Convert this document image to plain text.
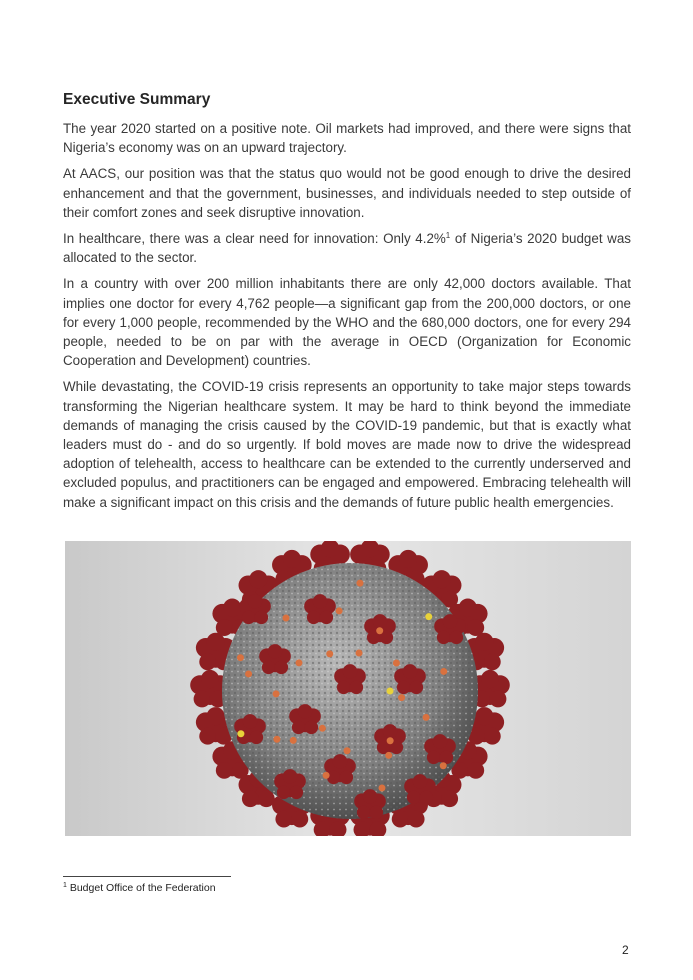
Executive Summary

The year 2020 started on a positive note. Oil markets had improved, and there were signs that Nigeria’s economy was on an upward trajectory.

At AACS, our position was that the status quo would not be good enough to drive the desired enhancement and that the government, businesses, and individuals needed to step outside of their comfort zones and seek disruptive innovation.

In healthcare, there was a clear need for innovation: Only 4.2%$^1$ of Nigeria’s 2020 budget was allocated to the sector.

In a country with over 200 million inhabitants there are only 42,000 doctors available. That implies one doctor for every 4,762 people—a significant gap from the 200,000 doctors, or one for every 1,000 people, recommended by the WHO and the 680,000 doctors, one for every 294 people, needed to be on par with the average in OECD (Organization for Economic Cooperation and Development) countries.

While devastating, the COVID-19 crisis represents an opportunity to take major steps towards transforming the Nigerian healthcare system. It may be hard to think beyond the immediate demands of managing the crisis caused by the COVID-19 pandemic, but that is exactly what leaders must do - and do so urgently. If bold moves are made now to drive the widespread adoption of telehealth, access to healthcare can be extended to the currently underserved and excluded populus, and practitioners can be engaged and empowered. Embracing telehealth will make a significant impact on this crisis and the demands of future public health emergencies.

$^1$ Budget Office of the Federation
2
